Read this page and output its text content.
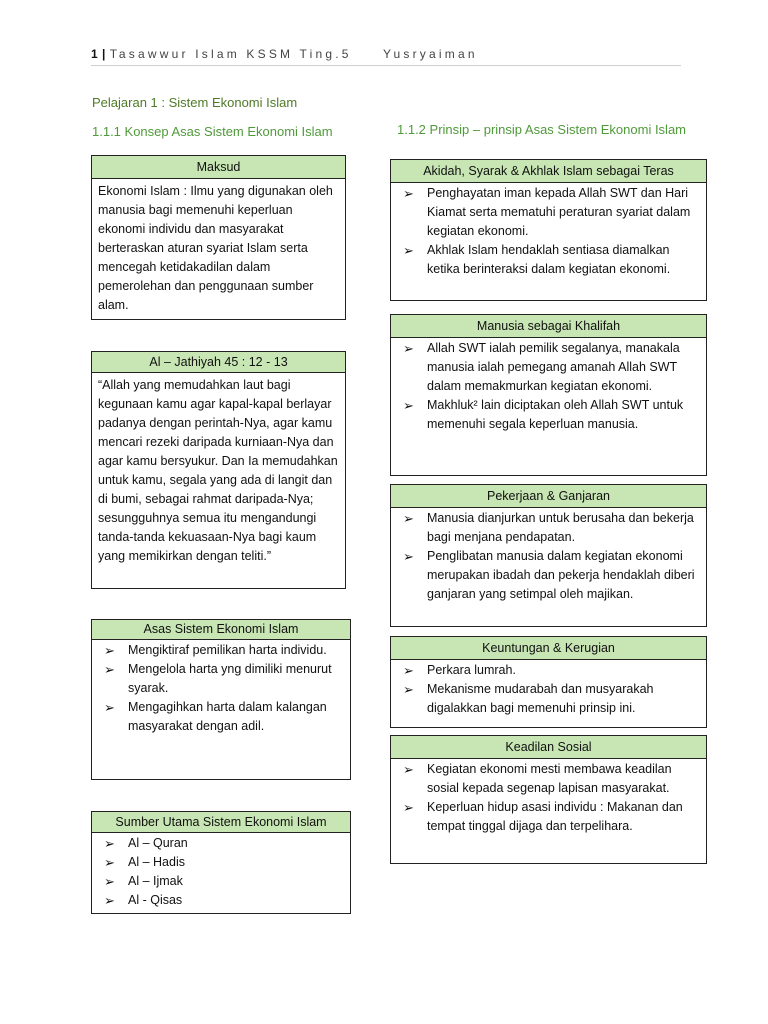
1 | Tasawwur Islam KSSM Ting.5	Yusryaiman
Pelajaran 1 : Sistem Ekonomi Islam
1.1.1 Konsep Asas Sistem Ekonomi Islam	1.1.2 Prinsip – prinsip Asas Sistem Ekonomi Islam
Maksud

Ekonomi Islam : Ilmu yang digunakan oleh manusia bagi memenuhi keperluan ekonomi individu dan masyarakat berteraskan aturan syariat Islam serta mencegah ketidakadilan dalam pemerolehan dan penggunaan sumber alam.

Al – Jathiyah 45 : 12 - 13

“Allah yang memudahkan laut bagi kegunaan kamu agar kapal-kapal berlayar padanya dengan perintah-Nya, agar kamu mencari rezeki daripada kurniaan-Nya dan agar kamu bersyukur. Dan Ia memudahkan untuk kamu, segala yang ada di langit dan di bumi, sebagai rahmat daripada-Nya; sesungguhnya semua itu mengandungi tanda-tanda kekuasaan-Nya bagi kaum yang memikirkan dengan teliti.”

Asas Sistem Ekonomi Islam
➢ Mengiktiraf pemilikan harta individu.
➢ Mengelola harta yng dimiliki menurut syarak.
➢ Mengagihkan harta dalam kalangan masyarakat dengan adil.
Sumber Utama Sistem Ekonomi Islam
➢ Al – Quran
➢ Al – Hadis
➢ Al – Ijmak
➢ Al - Qisas
Akidah, Syarak & Akhlak Islam sebagai Teras
➢ Penghayatan iman kepada Allah SWT dan Hari Kiamat serta mematuhi peraturan syariat dalam kegiatan ekonomi.
➢ Akhlak Islam hendaklah sentiasa diamalkan ketika berinteraksi dalam kegiatan ekonomi.
Manusia sebagai Khalifah
➢ Allah SWT ialah pemilik segalanya, manakala manusia ialah pemegang amanah Allah SWT dalam memakmurkan kegiatan ekonomi.
➢ Makhluk² lain diciptakan oleh Allah SWT untuk memenuhi segala keperluan manusia.
Pekerjaan & Ganjaran
➢ Manusia dianjurkan untuk berusaha dan bekerja bagi menjana pendapatan.
➢ Penglibatan manusia dalam kegiatan ekonomi merupakan ibadah dan pekerja hendaklah diberi ganjaran yang setimpal oleh majikan.
Keuntungan & Kerugian
➢ Perkara lumrah.
➢ Mekanisme mudarabah dan musyarakah digalakkan bagi memenuhi prinsip ini.
Keadilan Sosial
➢ Kegiatan ekonomi mesti membawa keadilan sosial kepada segenap lapisan masyarakat.
➢ Keperluan hidup asasi individu : Makanan dan tempat tinggal dijaga dan terpelihara.
